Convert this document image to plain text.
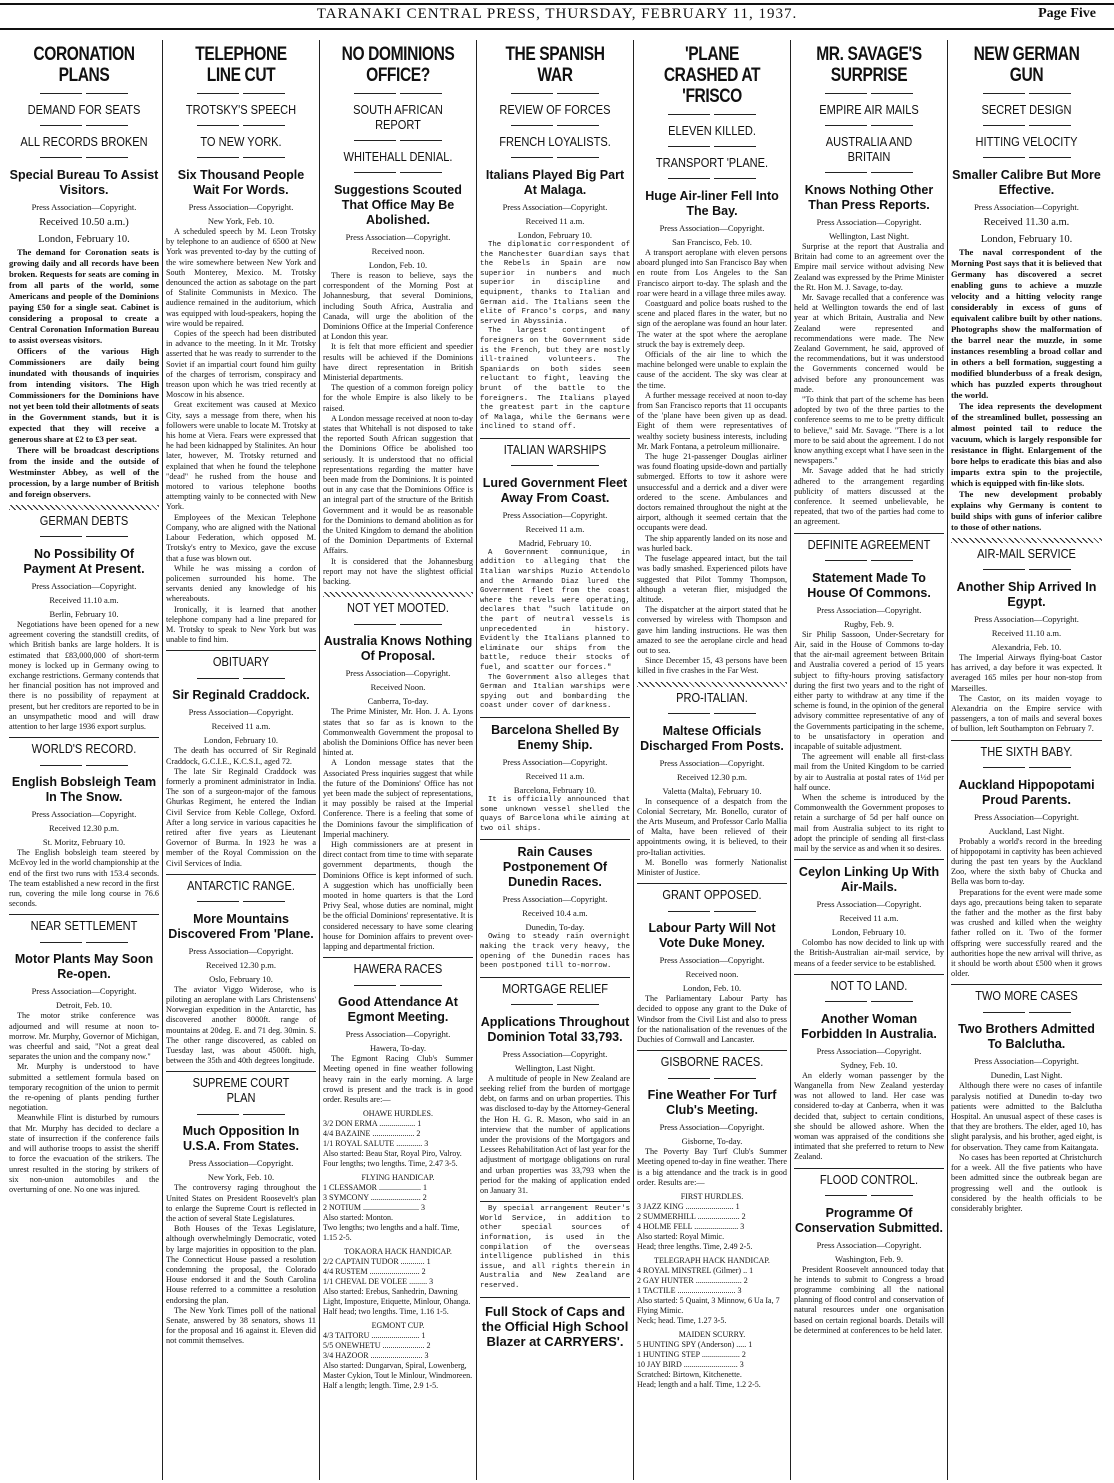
TARANAKI CENTRAL PRESS, THURSDAY, FEBRUARY 11, 1937.	Page Five
CORONATION PLANS
DEMAND FOR SEATS
ALL RECORDS BROKEN
Special Bureau To Assist Visitors.
Press Association—Copyright.
Received 10.50 a.m.)
London, February 10.

The demand for Coronation seats is growing daily and all records have been broken. Requests for seats are coming in from all parts of the world, some Americans and people of the Dominions paying £50 for a single seat. Cabinet is considering a proposal to create a Central Coronation Information Bureau to assist overseas visitors.

Officers of the various High Commissioners are daily being inundated with thousands of inquiries from intending visitors. The High Commissioners for the Dominions have not yet been told their allotments of seats in the Government stands, but it is expected that they will receive a generous share at £2 to £3 per seat.

There will be broadcast descriptions from the inside and the outside of Westminster Abbey, as well of the procession, by a large number of British and foreign observers.

GERMAN DEBTS
No Possibility Of Payment At Present.
Press Association—Copyright.
Received 11.10 a.m.
Berlin, February 10.

Negotiations have been opened for a new agreement covering the standstill credits, of which British banks are large holders. It is estimated that £83,000,000 of short-term money is locked up in Germany owing to exchange restrictions. Germany contends that her financial position has not improved and there is no possibility of repayment at present, but her creditors are reported to be in an unsympathetic mood and will draw attention to her large 1936 export surplus.

WORLD'S RECORD.
English Bobsleigh Team In The Snow.
Press Association—Copyright.
Received 12.30 p.m.
St. Moritz, February 10.

The English bobsleigh team steered by McEvoy led in the world championship at the end of the first two runs with 153.4 seconds. The team established a new record in the first run, covering the mile long course in 76.6 seconds.

NEAR SETTLEMENT
Motor Plants May Soon Re-open.
Press Association—Copyright.
Detroit, Feb. 10.

The motor strike conference was adjourned and will resume at noon to-morrow. Mr. Murphy, Governor of Michigan, was cheerful and said, "Not a great deal separates the union and the company now."

Mr. Murphy is understood to have submitted a settlement formula based on temporary recognition of the union to permit the re-opening of plants pending further negotiation.

Meanwhile Flint is disturbed by rumours that Mr. Murphy has decided to declare a state of insurrection if the conference fails and will authorise troops to assist the sheriff to force the evacuation of the strikers. The unrest resulted in the storing by strikers of six non-union automobiles and the overturning of one. No one was injured.

TELEPHONE LINE CUT
TROTSKY'S SPEECH
TO NEW YORK.
Six Thousand People Wait For Words.
Press Association—Copyright.
New York, Feb. 10.

A scheduled speech by M. Leon Trotsky by telephone to an audience of 6500 at New York was prevented to-day by the cutting of the wire somewhere between New York and South Monterey, Mexico. M. Trotsky denounced the action as sabotage on the part of Stalinite Communists in Mexico. The audience remained in the auditorium, which was equipped with loud-speakers, hoping the wire would be repaired.

Copies of the speech had been distributed in advance to the meeting. In it Mr. Trotsky asserted that he was ready to surrender to the Soviet if an impartial court found him guilty of the charges of terrorism, conspiracy and treason upon which he was tried recently at Moscow in his absence.

Great excitement was caused at Mexico City, says a message from there, when his followers were unable to locate M. Trotsky at his home at Viera. Fears were expressed that he had been kidnapped by Stalinites. An hour later, however, M. Trotsky returned and explained that when he found the telephone "dead" he rushed from the house and motored to various telephone booths attempting vainly to be connected with New York.

Employees of the Mexican Telephone Company, who are aligned with the National Labour Federation, which opposed M. Trotsky's entry to Mexico, gave the excuse that a fuse was blown out.

While he was missing a cordon of policemen surrounded his home. The servants denied any knowledge of his whereabouts.

Ironically, it is learned that another telephone company had a line prepared for M. Trotsky to speak to New York but was unable to find him.

OBITUARY
Sir Reginald Craddock.
Press Association—Copyright.
Received 11 a.m.
London, February 10.

The death has occurred of Sir Reginald Craddock, G.C.I.E., K.C.S.I., aged 72.

The late Sir Reginald Craddock was formerly a prominent administrator in India. The son of a surgeon-major of the famous Ghurkas Regiment, he entered the Indian Civil Service from Keble College, Oxford. After a long service in various capacities he retired after five years as Lieutenant Governor of Burma. In 1923 he was a member of the Royal Commission on the Civil Services of India.

ANTARCTIC RANGE.
More Mountains Discovered From 'Plane.
Press Association—Copyright.
Received 12.30 p.m.
Oslo, February 10.

The aviator Viggo Widerose, who is piloting an aeroplane with Lars Christensens' Norwegian expedition in the Antarctic, has discovered another 8000ft. range of mountains at 20deg. E. and 71 deg. 30min. S. The other range discovered, as cabled on Tuesday last, was about 4500ft. high, between the 35th and 40th degrees longitude.

SUPREME COURT PLAN
Much Opposition In U.S.A. From States.
Press Association—Copyright.
New York, Feb. 10.

The controversy raging throughout the United States on President Roosevelt's plan to enlarge the Supreme Court is reflected in the action of several State Legislatures.

Both Houses of the Texas Legislature, although overwhelmingly Democratic, voted by large majorities in opposition to the plan. The Connecticut House passed a resolution condemning the proposal, the Colorado House endorsed it and the South Carolina House referred to a committee a resolution endorsing the plan.

The New York Times poll of the national Senate, answered by 38 senators, shows 11 for the proposal and 16 against it. Eleven did not commit themselves.

NO DOMINIONS OFFICE?
SOUTH AFRICAN REPORT
WHITEHALL DENIAL.
Suggestions Scouted That Office May Be Abolished.
Press Association—Copyright.
Received noon.
London, Feb. 10.

There is reason to believe, says the correspondent of the Morning Post at Johannesburg, that several Dominions, including South Africa, Australia and Canada, will urge the abolition of the Dominions Office at the Imperial Conference at London this year.

It is felt that more efficient and speedier results will be achieved if the Dominions have direct representation in British Ministerial departments.

The question of a common foreign policy for the whole Empire is also likely to be raised.

A London message received at noon to-day states that Whitehall is not disposed to take the reported South African suggestion that the Dominions Office be abolished too seriously. It is understood that no official representations regarding the matter have been made from the Dominions. It is pointed out in any case that the Dominions Office is an integral part of the structure of the British Government and it would be as reasonable for the Dominions to demand abolition as for the United Kingdom to demand the abolition of the Dominion Departments of External Affairs.

It is considered that the Johannesburg report may not have the slightest official backing.

NOT YET MOOTED.
Australia Knows Nothing Of Proposal.
Press Association—Copyright.
Received Noon.
Canberra, To-day.

The Prime Minister, Mr. Hon. J. A. Lyons states that so far as is known to the Commonwealth Government the proposal to abolish the Dominions Office has never been hinted at.

A London message states that the Associated Press inquiries suggest that while the future of the Dominions' Office has not yet been made the subject of representations, it may possibly be raised at the Imperial Conference. There is a feeling that some of the Dominions favour the simplification of Imperial machinery.

High commissioners are at present in direct contact from time to time with separate government departments, though the Dominions Office is kept informed of such. A suggestion which has unofficially been mooted in home quarters is that the Lord Privy Seal, whose duties are nominal, might be the official Dominions' representative. It is considered necessary to have some clearing house for Dominion affairs to prevent over-lapping and departmental friction.

HAWERA RACES
Good Attendance At Egmont Meeting.
Press Association—Copyright.
Hawera, To-day.

The Egmont Racing Club's Summer Meeting opened in fine weather following heavy rain in the early morning. A large crowd is present and the track is in good order. Results are:—

OHAWE HURDLES.
3/2 DON ERMA .................. 1
4/4 BAZAINE ..................... 2
1/1 ROYAL SALUTE ............. 3
Also started: Beau Star, Royal Piro, Valroy.
Four lengths; two lengths. Time, 2.47 3-5.
FLYING HANDICAP.
1 CLESSAMOR ..................... 1
3 SYMCONY ......................... 2
2 NOTIUM ............................ 3
Also started: Monton.
Two lengths; two lengths and a half. Time, 1.15 2-5.
TOKAORA HACK HANDICAP.
2/2 CAPTAIN TUDOR ............ 1
4/4 RUSTEM ......................... 2
1/1 CHEVAL DE VOLEE ......... 3
Also started: Erebus, Sanhedrin, Dawning Light, Imposture, Etiquette, Minlour, Ohanga.
Half head; two lengths. Time, 1.16 1-5.
EGMONT CUP.
4/3 TAITORU ........................ 1
5/5 ONEWHETU ..................... 2
3/4 HAZOOR .......................... 3
Also started: Dungarvan, Spiral, Lowenberg, Master Cykion, Tout le Minlour, Windmoreen.
Half a length; length. Time, 2.9 1-5.
THE SPANISH WAR
REVIEW OF FORCES
FRENCH LOYALISTS.
Italians Played Big Part At Malaga.
Press Association—Copyright.
Received 11 a.m.
London, February 10.

The diplomatic correspondent of the Manchester Guardian says that the Rebels in Spain are now superior in numbers and much superior in discipline and equipment, thanks to Italian and German aid. The Italians seem the elite of Franco's corps, and many served in Abyssinia.

The largest contingent of foreigners on the Government side is the French, but they are mostly ill-trained volunteers. The Spaniards on both sides seem reluctant to fight, leaving the brunt of the battle to the foreigners. The Italians played the greatest part in the capture of Malaga, while the Germans were inclined to stand off.

ITALIAN WARSHIPS
Lured Government Fleet Away From Coast.
Press Association—Copyright.
Received 11 a.m.
Madrid, February 10.

A Government communique, in addition to alleging that the Italian warships Muzio Attendolo and the Armando Diaz lured the Government fleet from the coast where the revels were operating, declares that "such latitude on the part of neutral vessels is unprecedented in history. Evidently the Italians planned to eliminate our ships from the battle, reduce their stocks of fuel, and scatter our forces."

The Government also alleges that German and Italian warships were spying out and bombarding the coast under cover of darkness.

Barcelona Shelled By Enemy Ship.
Press Association—Copyright.
Received 11 a.m.
Barcelona, February 10.

It is officially announced that some unknown vessel shelled the quays of Barcelona while aiming at two oil ships.

Rain Causes Postponement Of Dunedin Races.
Press Association—Copyright.
Received 10.4 a.m.
Dunedin, To-day.

Owing to steady rain overnight making the track very heavy, the opening of the Dunedin races has been postponed till to-morrow.

MORTGAGE RELIEF
Applications Throughout Dominion Total 33,793.
Press Association—Copyright.
Wellington, Last Night.

A multitude of people in New Zealand are seeking relief from the burden of mortgage debt, on farms and on urban properties. This was disclosed to-day by the Attorney-General the Hon H. G. R. Mason, who said in an interview that the number of applications under the provisions of the Mortgagors and Lessees Rehabilitation Act of last year for the adjustment of mortgage obligations on rural and urban properties was 33,793 when the period for the making of application ended on January 31.

By special arrangement Reuter's World Service, in addition to other special sources of information, is used in the compilation of the overseas intelligence published in this issue, and all rights therein in Australia and New Zealand are reserved.

Full Stock of Caps and the Official High School Blazer at CARRYERS'.
'PLANE CRASHED AT 'FRISCO
ELEVEN KILLED.
TRANSPORT 'PLANE.
Huge Air-liner Fell Into The Bay.
Press Association—Copyright.
San Francisco, Feb. 10.

A transport aeroplane with eleven persons aboard plunged into San Francisco Bay when en route from Los Angeles to the San Francisco airport to-day. The splash and the roar were heard in a village three miles away.

Coastguard and police boats rushed to the scene and placed flares in the water, but no sign of the aeroplane was found an hour later. The water at the spot where the aeroplane struck the bay is extremely deep.

Officials of the air line to which the machine belonged were unable to explain the cause of the accident. The sky was clear at the time.

A further message received at noon to-day from San Francisco reports that 11 occupants of the 'plane have been given up as dead. Eight of them were representatives of wealthy society business interests, including Mr. Mark Fontana, a petroleum millionaire.

The huge 21-passenger Douglas airliner was found floating upside-down and partially submerged. Efforts to tow it ashore were unsuccessful and a derrick and a diver were ordered to the scene. Ambulances and doctors remained throughout the night at the airport, although it seemed certain that the occupants were dead.

The ship apparently landed on its nose and was hurled back.

The fuselage appeared intact, but the tail was badly smashed. Experienced pilots have suggested that Pilot Tommy Thompson, although a veteran flier, misjudged the altitude.

The dispatcher at the airport stated that he conversed by wireless with Thompson and gave him landing instructions. He was then amazed to see the aeroplane circle and head out to sea.

Since December 15, 43 persons have been killed in five crashes in the Far West.

PRO-ITALIAN.
Maltese Officials Discharged From Posts.
Press Association—Copyright.
Received 12.30 p.m.
Valetta (Malta), February 10.

In consequence of a despatch from the Colonial Secretary, Mr. Bonello, curator of the Arts Museum, and Professor Carlo Mallia of Malta, have been relieved of their appointments owing, it is believed, to their pro-Italian activities.

M. Bonello was formerly Nationalist Minister of Justice.

GRANT OPPOSED.
Labour Party Will Not Vote Duke Money.
Press Association—Copyright.
Received noon.
London, Feb. 10.

The Parliamentary Labour Party has decided to oppose any grant to the Duke of Windsor from the Civil List and also to press for the nationalisation of the revenues of the Duchies of Cornwall and Lancaster.

GISBORNE RACES.
Fine Weather For Turf Club's Meeting.
Press Association—Copyright.
Gisborne, To-day.

The Poverty Bay Turf Club's Summer Meeting opened to-day in fine weather. There is a big attendance and the track is in good order. Results are:—

FIRST HURDLES.
3 JAZZ KING ........................ 1
2 SUMMERHILL ..................... 2
4 HOLME FELL ...................... 3
Also started: Royal Mimic.
Head; three lengths. Time, 2.49 2-5.
TELEGRAPH HACK HANDICAP.
4 ROYAL MINSTREL (Gilmer) .. 1
2 GAY HUNTER ....................... 2
1 TACTILE ............................. 3
Also started: 5 Quaint, 3 Minnow, 6 Ua Ia, 7 Flying Mimic.
Neck; head. Time, 1.27 3-5.
MAIDEN SCURRY.
5 HUNTING SPY (Anderson) ..... 1
1 HUNTING STEP ................... 2
10 JAY BIRD ........................... 3
Scratched: Birtown, Kitchenette.
Head; length and a half. Time, 1.2 2-5.
MR. SAVAGE'S SURPRISE
EMPIRE AIR MAILS
AUSTRALIA AND BRITAIN
Knows Nothing Other Than Press Reports.
Press Association—Copyright.
Wellington, Last Night.

Surprise at the report that Australia and Britain had come to an agreement over the Empire mail service without advising New Zealand was expressed by the Prime Minister the Rt. Hon M. J. Savage, to-day.

Mr. Savage recalled that a conference was held at Wellington towards the end of last year at which Britain, Australia and New Zealand were represented and recommendations were made. The New Zealand Government, he said, approved of the recommendations, but it was understood the Governments concerned would be advised before any pronouncement was made.

"To think that part of the scheme has been adopted by two of the three parties to the conference seems to me to be pretty difficult to believe," said Mr. Savage. "There is a lot more to be said about the agreement. I do not know anything except what I have seen in the newspapers."

Mr. Savage added that he had strictly adhered to the arrangement regarding publicity of matters discussed at the conference. It seemed unbelievable, he repeated, that two of the parties had come to an agreement.

DEFINITE AGREEMENT
Statement Made To House Of Commons.
Press Association—Copyright.
Rugby, Feb. 9.

Sir Philip Sassoon, Under-Secretary for Air, said in the House of Commons to-day that the air-mail agreement between Britain and Australia covered a period of 15 years subject to fifty-hours proving satisfactory during the first two years and to the right of either party to withdraw at any time if the scheme is found, in the opinion of the general advisory committee representative of any of the Governments participating in the scheme, to be unsatisfactory in operation and incapable of suitable adjustment.

The agreement will enable all first-class mail from the United Kingdom to be carried by air to Australia at postal rates of 1½d per half ounce.

When the scheme is introduced by the Commonwealth the Government proposes to retain a surcharge of 5d per half ounce on mail from Australia subject to its right to adopt the principle of sending all first-class mail by the service as and when it so desires.

Ceylon Linking Up With Air-Mails.
Press Association—Copyright.
Received 11 a.m.
London, February 10.

Colombo has now decided to link up with the British-Australian air-mail service, by means of a feeder service to be established.

NOT TO LAND.
Another Woman Forbidden In Australia.
Press Association—Copyright.
Sydney, Feb. 10.

An elderly woman passenger by the Wanganella from New Zealand yesterday was not allowed to land. Her case was considered to-day at Canberra, when it was decided that, subject to certain conditions, she should be allowed ashore. When the woman was appraised of the conditions she intimated that she preferred to return to New Zealand.

FLOOD CONTROL.
Programme Of Conservation Submitted.
Press Association—Copyright.
Washington, Feb. 9.

President Roosevelt announced today that he intends to submit to Congress a broad programme combining all the national planning of flood control and conservation of natural resources under one organisation based on certain regional boards. Details will be determined at conferences to be held later.

NEW GERMAN GUN
SECRET DESIGN
HITTING VELOCITY
Smaller Calibre But More Effective.
Press Association—Copyright.
Received 11.30 a.m.
London, February 10.

The naval correspondent of the Morning Post says that it is believed that Germany has discovered a secret enabling guns to achieve a muzzle velocity and a hitting velocity range considerably in excess of guns of equivalent calibre built by other nations. Photographs show the malformation of the barrel near the muzzle, in some instances resembling a broad collar and in others a bell formation, suggesting a modified blunderbuss of a freak design, which has puzzled experts throughout the world.

The idea represents the development of the streamlined bullet, possessing an almost pointed tail to reduce the vacuum, which is largely responsible for resistance in flight. Enlargement of the bore helps to eradicate this bias and also imparts extra spin to the projectile, which is equipped with fin-like slots.

The new development probably explains why Germany is content to build ships with guns of inferior calibre to those of other nations.

AIR-MAIL SERVICE
Another Ship Arrived In Egypt.
Press Association—Copyright.
Received 11.10 a.m.
Alexandria, Feb. 10.

The Imperial Airways flying-boat Castor has arrived, a day before it was expected. It averaged 165 miles per hour non-stop from Marseilles.

The Castor, on its maiden voyage to Alexandria on the Empire service with passengers, a ton of mails and several boxes of bullion, left Southampton on February 7.

THE SIXTH BABY.
Auckland Hippopotami Proud Parents.
Press Association—Copyright.
Auckland, Last Night.

Probably a world's record in the breeding of hippopotami in captivity has been achieved during the past ten years by the Auckland Zoo, where the sixth baby of Chucka and Bella was born to-day.

Preparations for the event were made some days ago, precautions being taken to separate the father and the mother as the first baby was crushed and killed when the weighty father rolled on it. Two of the former offspring were successfully reared and the authorities hope the new arrival will thrive, as it should be worth about £500 when it grows older.

TWO MORE CASES
Two Brothers Admitted To Balclutha.
Press Association—Copyright.
Dunedin, Last Night.

Although there were no cases of infantile paralysis notified at Dunedin to-day two patients were admitted to the Balclutha Hospital. An unusual aspect of these cases is that they are brothers. The elder, aged 10, has slight paralysis, and his brother, aged eight, is for observation. They came from Kaitangata.

No cases has been reported at Christchurch for a week. All the five patients who have been admitted since the outbreak began are progressing well and the outlook is considered by the health officials to be considerably brighter.
